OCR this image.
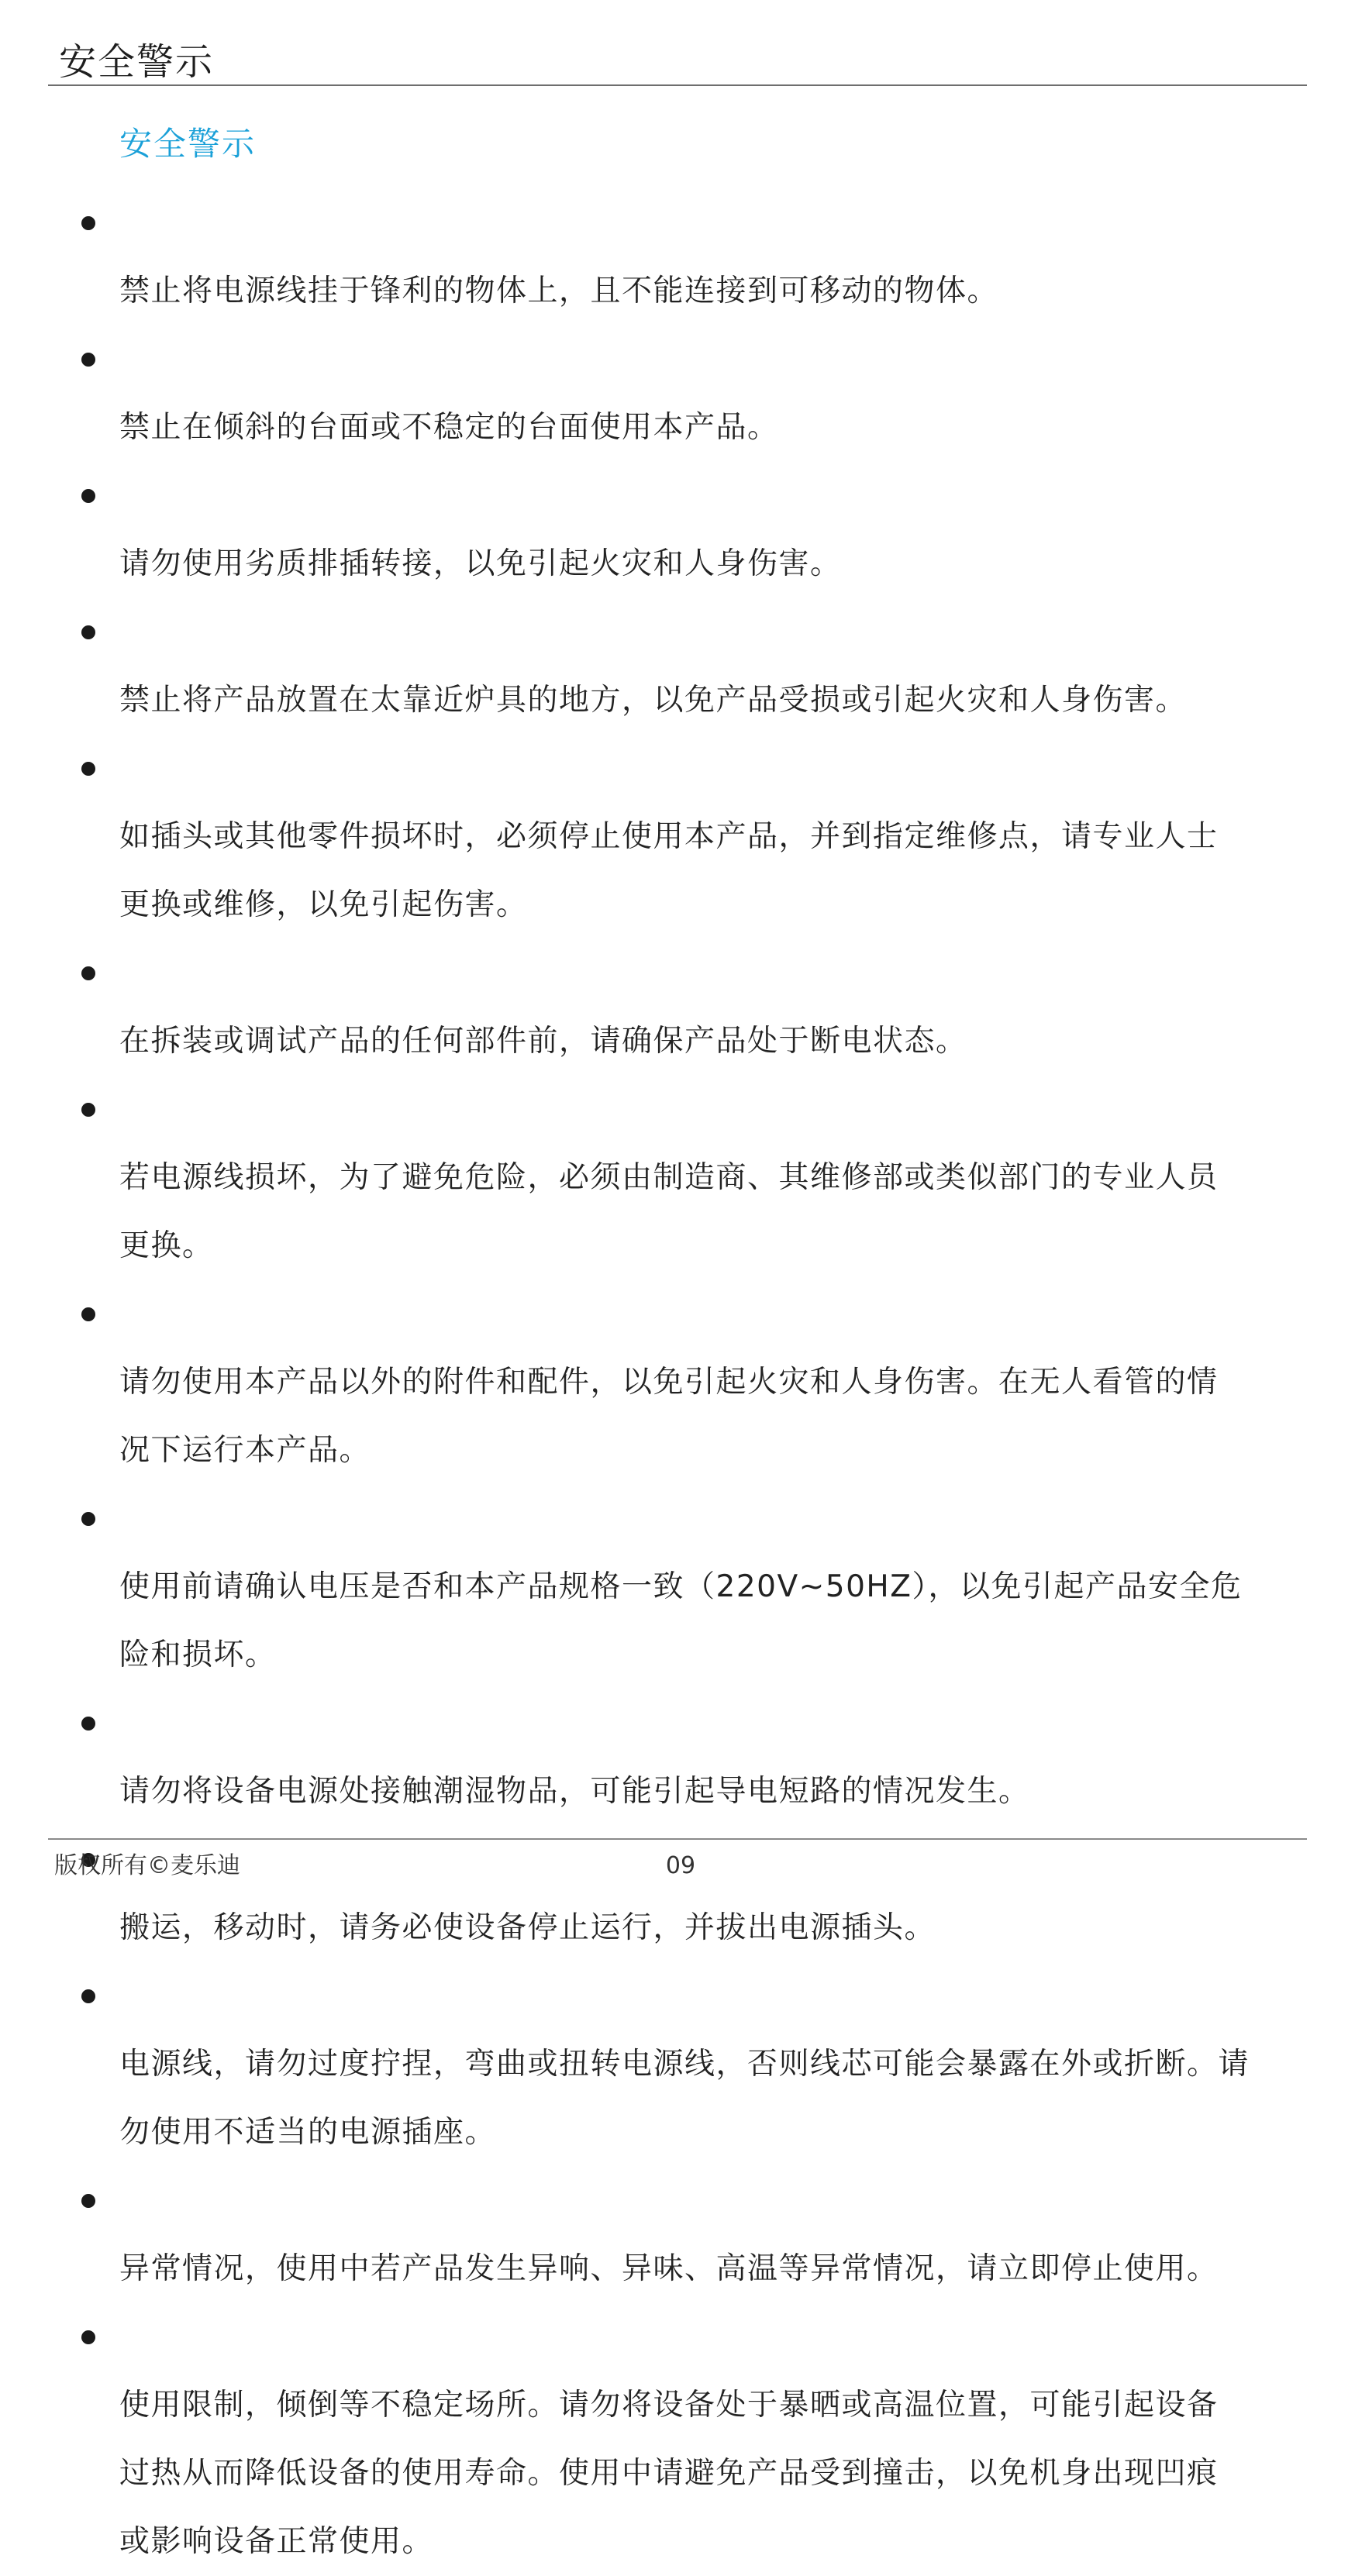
安全警示
安全警示

禁止将电源线挂于锋利的物体上，且不能连接到可移动的物体。

禁止在倾斜的台面或不稳定的台面使用本产品。

请勿使用劣质排插转接，以免引起火灾和人身伤害。

禁止将产品放置在太靠近炉具的地方，以免产品受损或引起火灾和人身伤害。

如插头或其他零件损坏时，必须停止使用本产品，并到指定维修点，请专业人士
更换或维修，以免引起伤害。

在拆装或调试产品的任何部件前，请确保产品处于断电状态。

若电源线损坏，为了避免危险，必须由制造商、其维修部或类似部门的专业人员
更换。

请勿使用本产品以外的附件和配件，以免引起火灾和人身伤害。在无人看管的情
况下运行本产品。

使用前请确认电压是否和本产品规格一致（220V~50HZ），以免引起产品安全危
险和损坏。

请勿将设备电源处接触潮湿物品，可能引起导电短路的情况发生。

搬运，移动时，请务必使设备停止运行，并拔出电源插头。

电源线，请勿过度拧捏，弯曲或扭转电源线，否则线芯可能会暴露在外或折断。请
勿使用不适当的电源插座。

异常情况，使用中若产品发生异响、异味、高温等异常情况，请立即停止使用。

使用限制，倾倒等不稳定场所。请勿将设备处于暴晒或高温位置，可能引起设备
过热从而降低设备的使用寿命。使用中请避免产品受到撞击，以免机身出现凹痕
或影响设备正常使用。

版权所有©麦乐迪	09
